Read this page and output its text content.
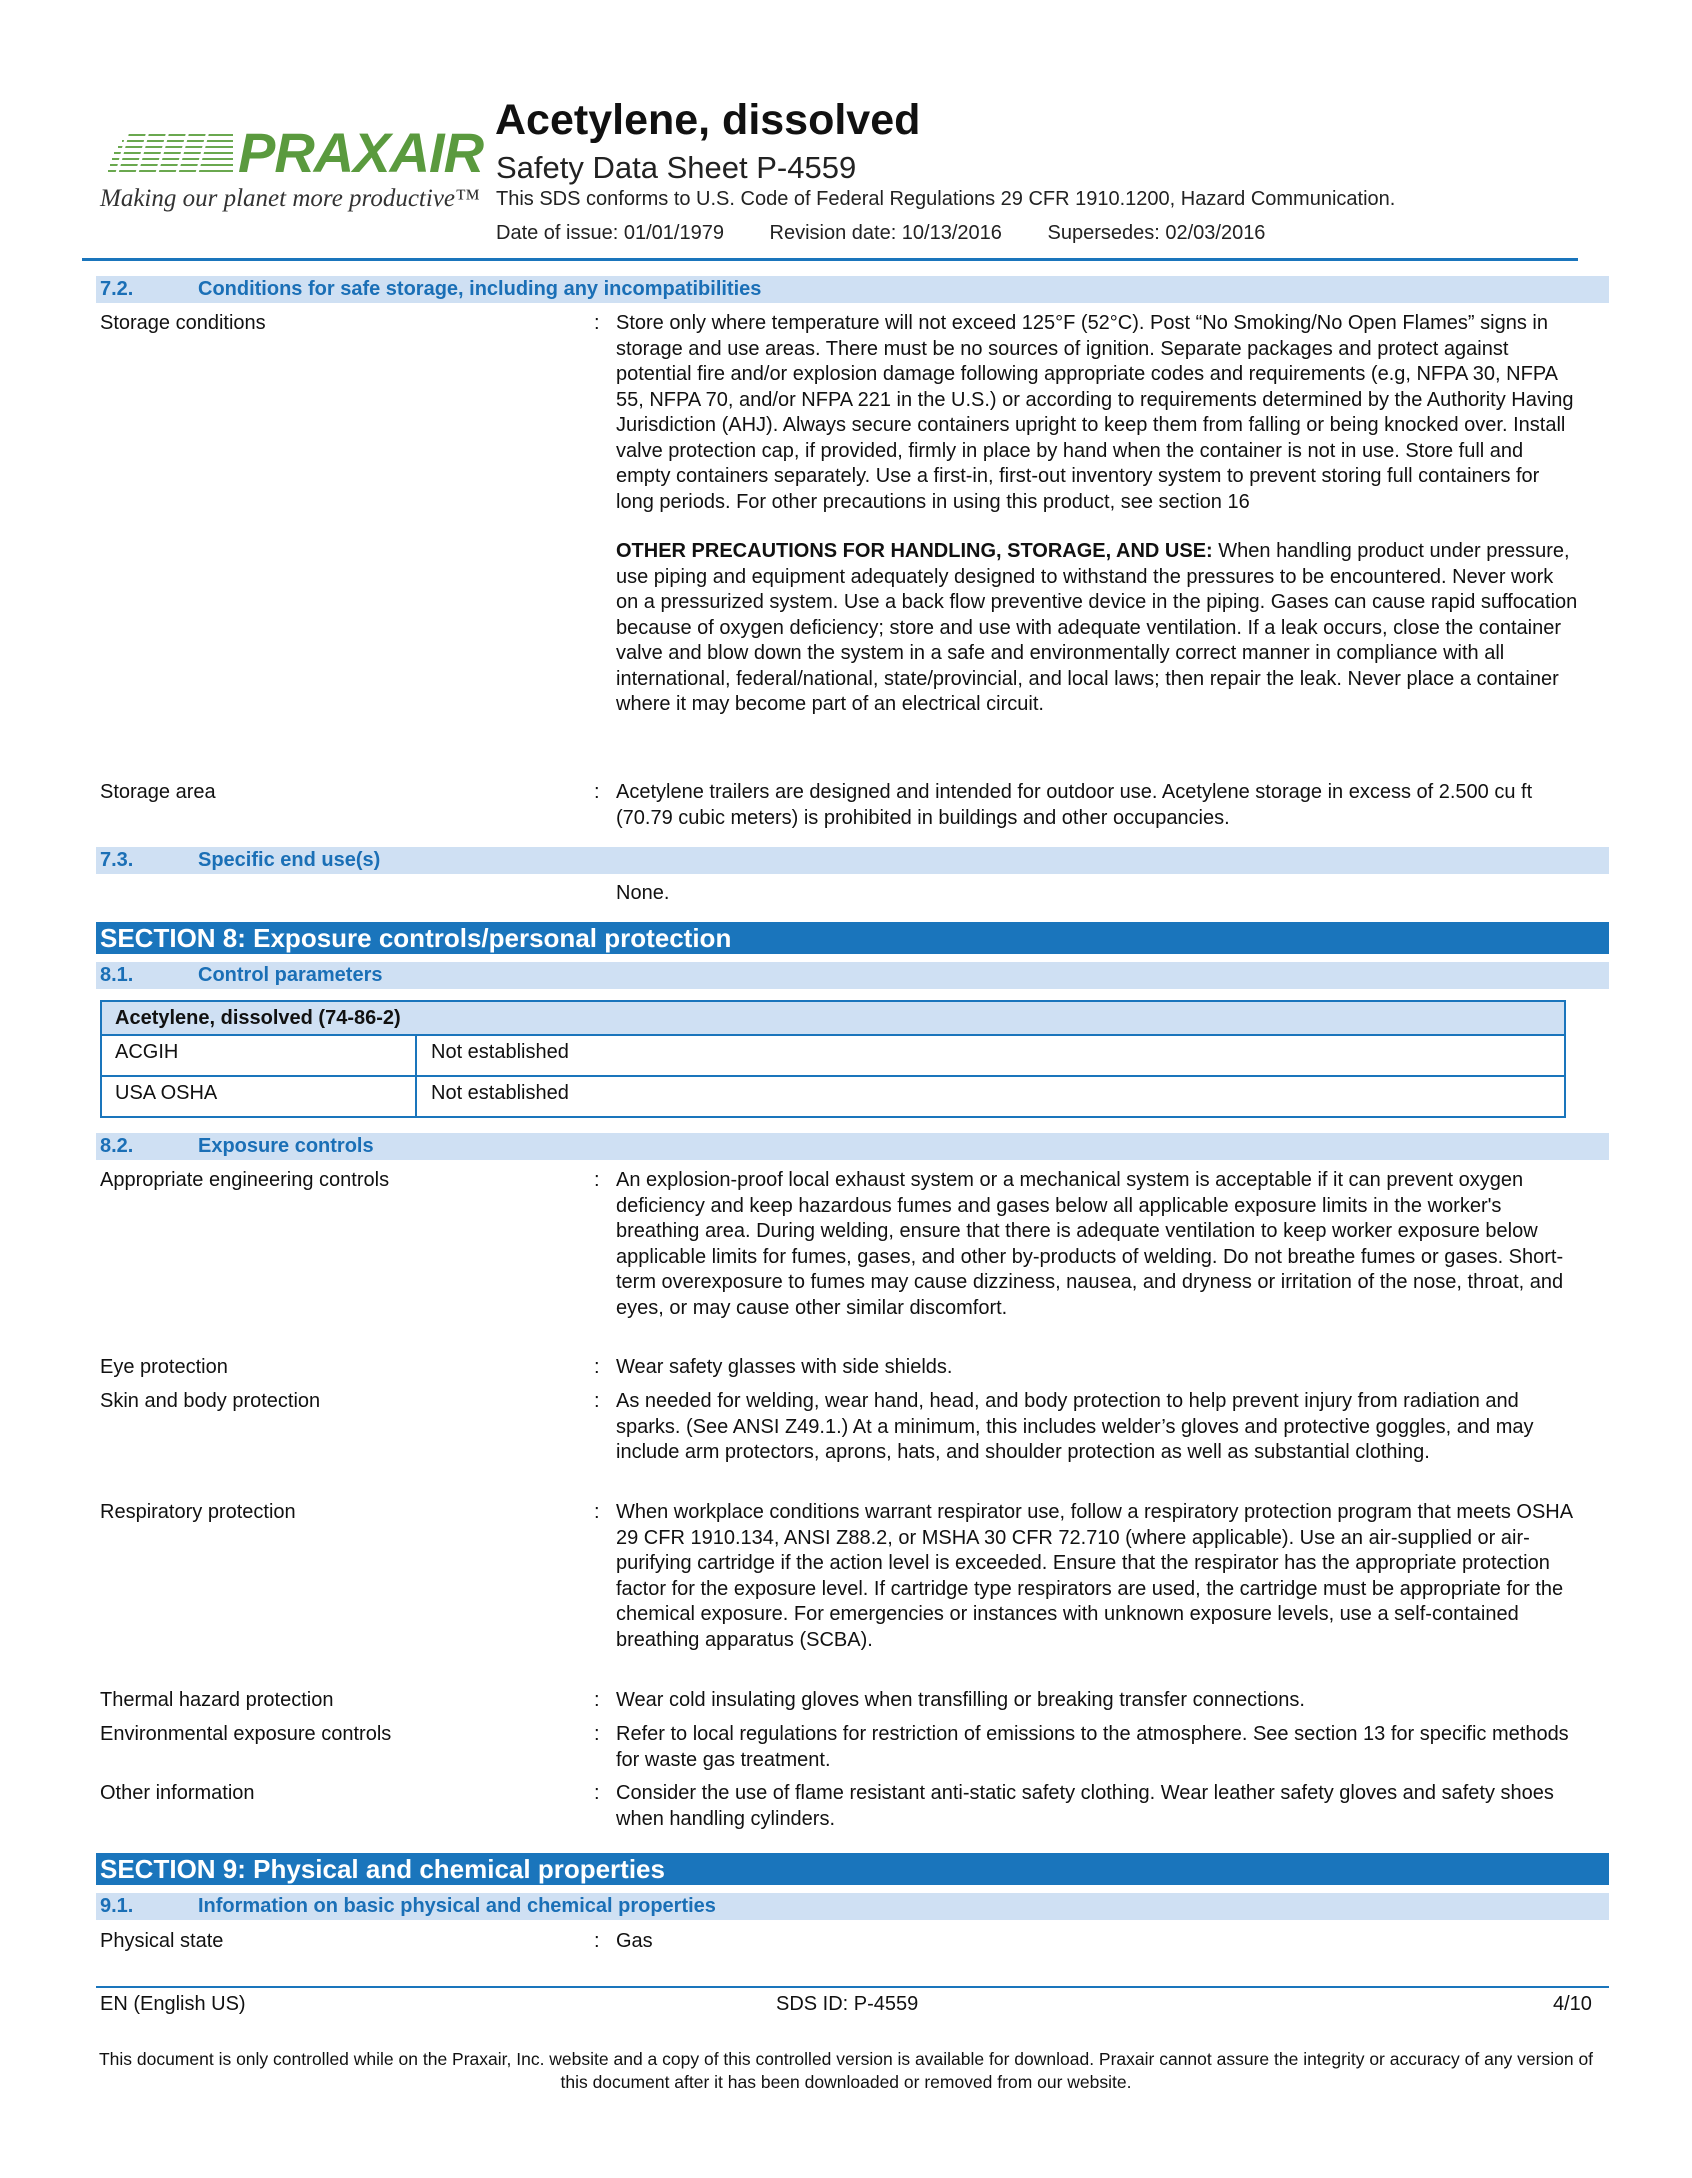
PRAXAIR
Making our planet more productive™
Acetylene, dissolved
Safety Data Sheet P-4559
This SDS conforms to U.S. Code of Federal Regulations 29 CFR 1910.1200, Hazard Communication.
Date of issue: 01/01/1979 Revision date: 10/13/2016 Supersedes: 02/03/2016
7.2.	Conditions for safe storage, including any incompatibilities
Storage conditions	: Store only where temperature will not exceed 125°F (52°C). Post “No Smoking/No Open Flames” signs in storage and use areas. There must be no sources of ignition. Separate packages and protect against potential fire and/or explosion damage following appropriate codes and requirements (e.g, NFPA 30, NFPA 55, NFPA 70, and/or NFPA 221 in the U.S.) or according to requirements determined by the Authority Having Jurisdiction (AHJ). Always secure containers upright to keep them from falling or being knocked over. Install valve protection cap, if provided, firmly in place by hand when the container is not in use. Store full and empty containers separately. Use a first-in, first-out inventory system to prevent storing full containers for long periods. For other precautions in using this product, see section 16

OTHER PRECAUTIONS FOR HANDLING, STORAGE, AND USE: When handling product under pressure, use piping and equipment adequately designed to withstand the pressures to be encountered. Never work on a pressurized system. Use a back flow preventive device in the piping. Gases can cause rapid suffocation because of oxygen deficiency; store and use with adequate ventilation. If a leak occurs, close the container valve and blow down the system in a safe and environmentally correct manner in compliance with all international, federal/national, state/provincial, and local laws; then repair the leak. Never place a container where it may become part of an electrical circuit.

Storage area	: Acetylene trailers are designed and intended for outdoor use. Acetylene storage in excess of 2.500 cu ft (70.79 cubic meters) is prohibited in buildings and other occupancies.
7.3.	Specific end use(s)
None.
SECTION 8: Exposure controls/personal protection
8.1.	Control parameters
Acetylene, dissolved (74-86-2)
ACGIH	Not established
USA OSHA	Not established
8.2.	Exposure controls
Appropriate engineering controls	: An explosion-proof local exhaust system or a mechanical system is acceptable if it can prevent oxygen deficiency and keep hazardous fumes and gases below all applicable exposure limits in the worker's breathing area. During welding, ensure that there is adequate ventilation to keep worker exposure below applicable limits for fumes, gases, and other by-products of welding. Do not breathe fumes or gases. Short-term overexposure to fumes may cause dizziness, nausea, and dryness or irritation of the nose, throat, and eyes, or may cause other similar discomfort.
Eye protection	: Wear safety glasses with side shields.
Skin and body protection	: As needed for welding, wear hand, head, and body protection to help prevent injury from radiation and sparks. (See ANSI Z49.1.) At a minimum, this includes welder’s gloves and protective goggles, and may include arm protectors, aprons, hats, and shoulder protection as well as substantial clothing.
Respiratory protection	: When workplace conditions warrant respirator use, follow a respiratory protection program that meets OSHA 29 CFR 1910.134, ANSI Z88.2, or MSHA 30 CFR 72.710 (where applicable). Use an air-supplied or air-purifying cartridge if the action level is exceeded. Ensure that the respirator has the appropriate protection factor for the exposure level. If cartridge type respirators are used, the cartridge must be appropriate for the chemical exposure. For emergencies or instances with unknown exposure levels, use a self-contained breathing apparatus (SCBA).
Thermal hazard protection	: Wear cold insulating gloves when transfilling or breaking transfer connections.
Environmental exposure controls	: Refer to local regulations for restriction of emissions to the atmosphere. See section 13 for specific methods for waste gas treatment.
Other information	: Consider the use of flame resistant anti-static safety clothing. Wear leather safety gloves and safety shoes when handling cylinders.
SECTION 9: Physical and chemical properties
9.1.	Information on basic physical and chemical properties
Physical state	: Gas
EN (English US)	SDS ID: P-4559	4/10
This document is only controlled while on the Praxair, Inc. website and a copy of this controlled version is available for download. Praxair cannot assure the integrity or accuracy of any version of this document after it has been downloaded or removed from our website.
